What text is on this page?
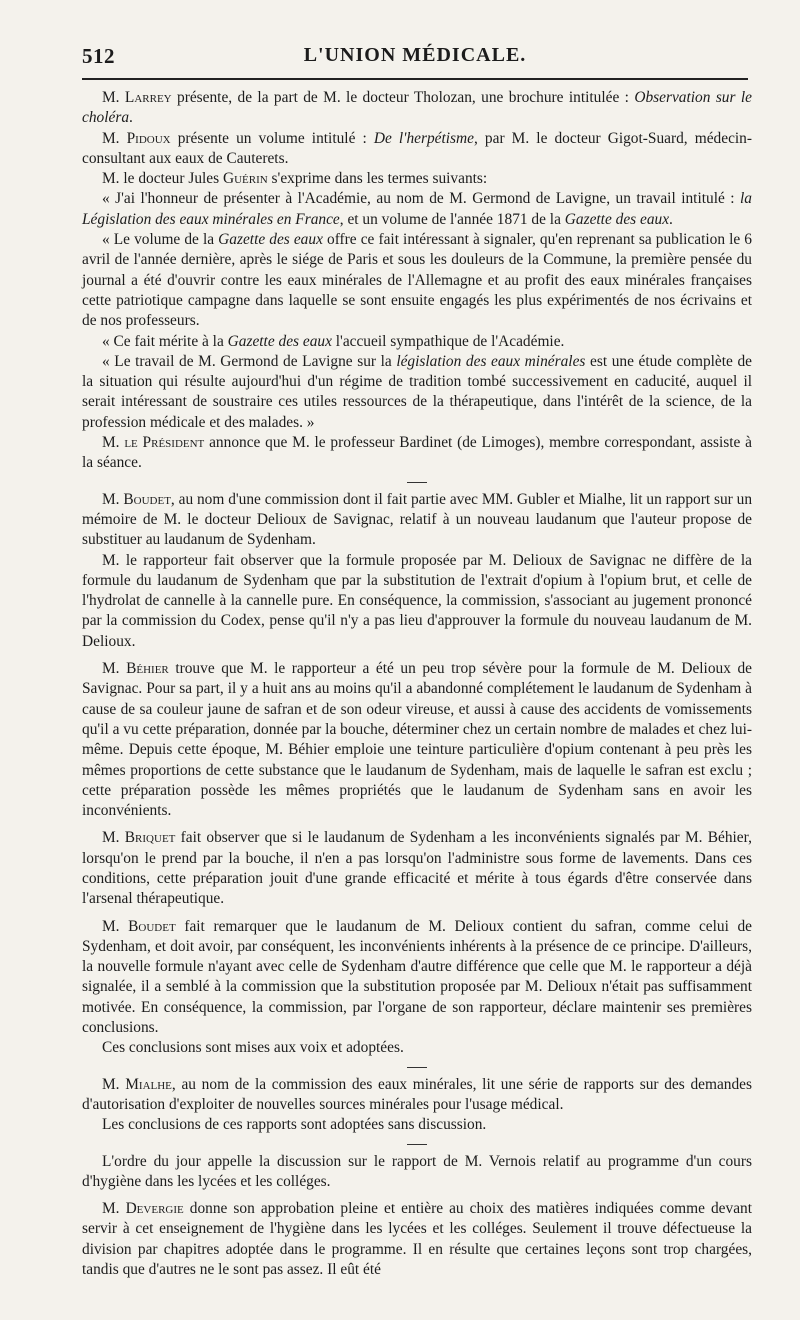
512	L'UNION MÉDICALE.

M. Larrey présente, de la part de M. le docteur Tholozan, une brochure intitulée : Observation sur le choléra.

M. Pidoux présente un volume intitulé : De l'herpétisme, par M. le docteur Gigot-Suard, médecin-consultant aux eaux de Cauterets.

M. le docteur Jules Guérin s'exprime dans les termes suivants:

« J'ai l'honneur de présenter à l'Académie, au nom de M. Germond de Lavigne, un travail intitulé : la Législation des eaux minérales en France, et un volume de l'année 1871 de la Gazette des eaux.

« Le volume de la Gazette des eaux offre ce fait intéressant à signaler, qu'en reprenant sa publication le 6 avril de l'année dernière, après le siége de Paris et sous les douleurs de la Commune, la première pensée du journal a été d'ouvrir contre les eaux minérales de l'Allemagne et au profit des eaux minérales françaises cette patriotique campagne dans laquelle se sont ensuite engagés les plus expérimentés de nos écrivains et de nos professeurs.

« Ce fait mérite à la Gazette des eaux l'accueil sympathique de l'Académie.

« Le travail de M. Germond de Lavigne sur la législation des eaux minérales est une étude complète de la situation qui résulte aujourd'hui d'un régime de tradition tombé successivement en caducité, auquel il serait intéressant de soustraire ces utiles ressources de la thérapeutique, dans l'intérêt de la science, de la profession médicale et des malades. »

M. le Président annonce que M. le professeur Bardinet (de Limoges), membre correspondant, assiste à la séance.

M. Boudet, au nom d'une commission dont il fait partie avec MM. Gubler et Mialhe, lit un rapport sur un mémoire de M. le docteur Delioux de Savignac, relatif à un nouveau laudanum que l'auteur propose de substituer au laudanum de Sydenham.

M. le rapporteur fait observer que la formule proposée par M. Delioux de Savignac ne diffère de la formule du laudanum de Sydenham que par la substitution de l'extrait d'opium à l'opium brut, et celle de l'hydrolat de cannelle à la cannelle pure. En conséquence, la commission, s'associant au jugement prononcé par la commission du Codex, pense qu'il n'y a pas lieu d'approuver la formule du nouveau laudanum de M. Delioux.

M. Béhier trouve que M. le rapporteur a été un peu trop sévère pour la formule de M. Delioux de Savignac. Pour sa part, il y a huit ans au moins qu'il a abandonné complétement le laudanum de Sydenham à cause de sa couleur jaune de safran et de son odeur vireuse, et aussi à cause des accidents de vomissements qu'il a vu cette préparation, donnée par la bouche, déterminer chez un certain nombre de malades et chez lui-même. Depuis cette époque, M. Béhier emploie une teinture particulière d'opium contenant à peu près les mêmes proportions de cette substance que le laudanum de Sydenham, mais de laquelle le safran est exclu ; cette préparation possède les mêmes propriétés que le laudanum de Sydenham sans en avoir les inconvénients.

M. Briquet fait observer que si le laudanum de Sydenham a les inconvénients signalés par M. Béhier, lorsqu'on le prend par la bouche, il n'en a pas lorsqu'on l'administre sous forme de lavements. Dans ces conditions, cette préparation jouit d'une grande efficacité et mérite à tous égards d'être conservée dans l'arsenal thérapeutique.

M. Boudet fait remarquer que le laudanum de M. Delioux contient du safran, comme celui de Sydenham, et doit avoir, par conséquent, les inconvénients inhérents à la présence de ce principe. D'ailleurs, la nouvelle formule n'ayant avec celle de Sydenham d'autre différence que celle que M. le rapporteur a déjà signalée, il a semblé à la commission que la substitution proposée par M. Delioux n'était pas suffisamment motivée. En conséquence, la commission, par l'organe de son rapporteur, déclare maintenir ses premières conclusions.

Ces conclusions sont mises aux voix et adoptées.

M. Mialhe, au nom de la commission des eaux minérales, lit une série de rapports sur des demandes d'autorisation d'exploiter de nouvelles sources minérales pour l'usage médical.

Les conclusions de ces rapports sont adoptées sans discussion.

L'ordre du jour appelle la discussion sur le rapport de M. Vernois relatif au programme d'un cours d'hygiène dans les lycées et les colléges.

M. Devergie donne son approbation pleine et entière au choix des matières indiquées comme devant servir à cet enseignement de l'hygiène dans les lycées et les colléges. Seulement il trouve défectueuse la division par chapitres adoptée dans le programme. Il en résulte que certaines leçons sont trop chargées, tandis que d'autres ne le sont pas assez. Il eût été
